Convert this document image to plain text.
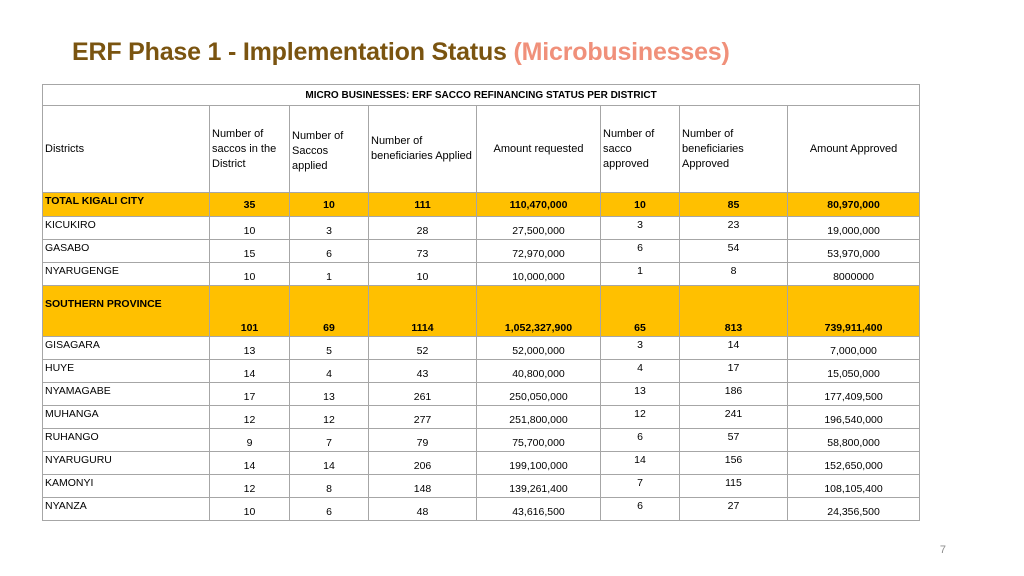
ERF Phase 1 - Implementation Status (Microbusinesses)
MICRO BUSINESSES: ERF SACCO REFINANCING STATUS PER DISTRICT							
Districts	Number of saccos in the District	Number of Saccos applied	Number of beneficiaries Applied	Amount requested	Number of sacco approved	Number of beneficiaries Approved	Amount Approved
TOTAL KIGALI CITY	35	10	111	110,470,000	10	85	80,970,000
KICUKIRO	10	3	28	27,500,000	3	23	19,000,000
GASABO	15	6	73	72,970,000	6	54	53,970,000
NYARUGENGE	10	1	10	10,000,000	1	8	8000000
SOUTHERN PROVINCE	101	69	1114	1,052,327,900	65	813	739,911,400
GISAGARA	13	5	52	52,000,000	3	14	7,000,000
HUYE	14	4	43	40,800,000	4	17	15,050,000
NYAMAGABE	17	13	261	250,050,000	13	186	177,409,500
MUHANGA	12	12	277	251,800,000	12	241	196,540,000
RUHANGO	9	7	79	75,700,000	6	57	58,800,000
NYARUGURU	14	14	206	199,100,000	14	156	152,650,000
KAMONYI	12	8	148	139,261,400	7	115	108,105,400
NYANZA	10	6	48	43,616,500	6	27	24,356,500
7
